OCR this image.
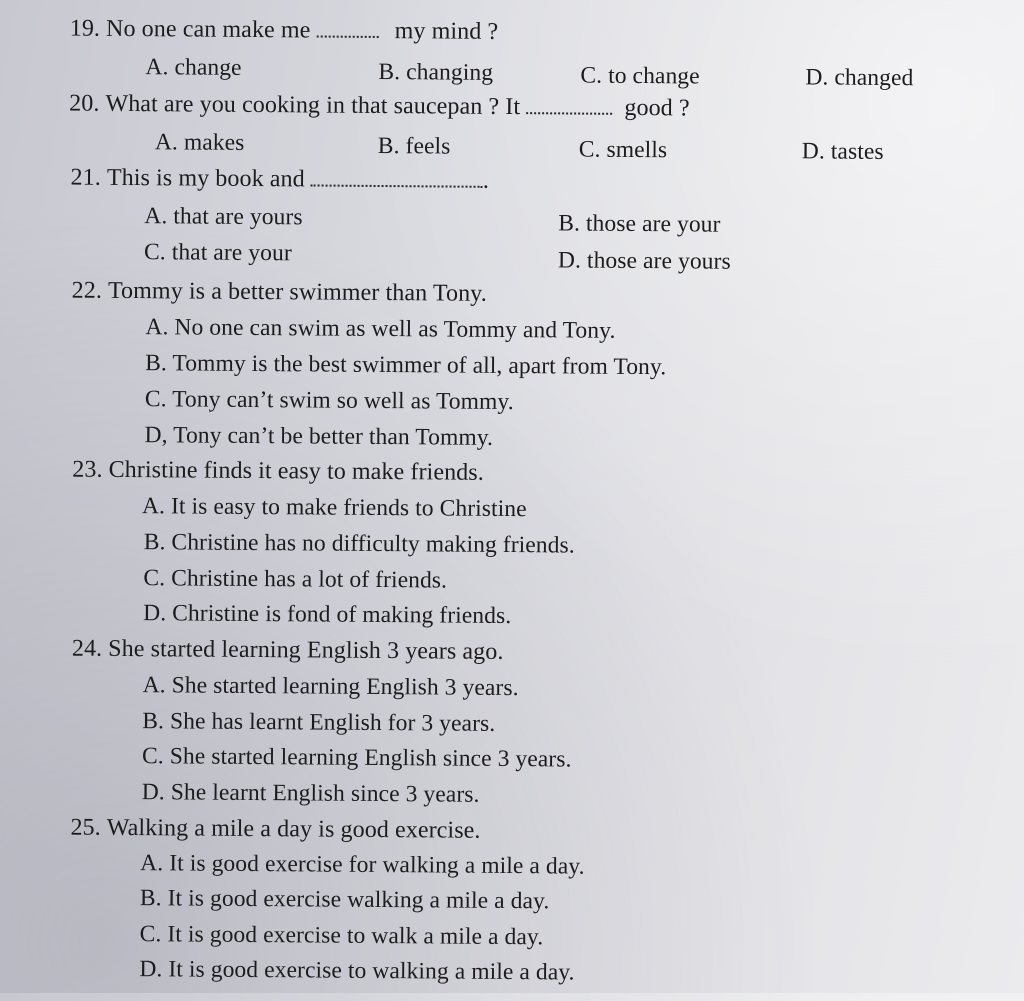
19. No one can make me	my mind ?
A. change	B. changing	C. to change	D. changed
20. What are you cooking in that saucepan ? It	good ?
A. makes	B. feels	C. smells	D. tastes
21. This is my book and	.
A. that are yours	B. those are your
C. that are your	D. those are yours
22. Tommy is a better swimmer than Tony.
A. No one can swim as well as Tommy and Tony.
B. Tommy is the best swimmer of all, apart from Tony.
C. Tony can’t swim so well as Tommy.
D, Tony can’t be better than Tommy.
23. Christine finds it easy to make friends.
A. It is easy to make friends to Christine
B. Christine has no difficulty making friends.
C. Christine has a lot of friends.
D. Christine is fond of making friends.
24. She started learning English 3 years ago.
A. She started learning English 3 years.
B. She has learnt English for 3 years.
C. She started learning English since 3 years.
D. She learnt English since 3 years.
25. Walking a mile a day is good exercise.
A. It is good exercise for walking a mile a day.
B. It is good exercise walking a mile a day.
C. It is good exercise to walk a mile a day.
D. It is good exercise to walking a mile a day.
